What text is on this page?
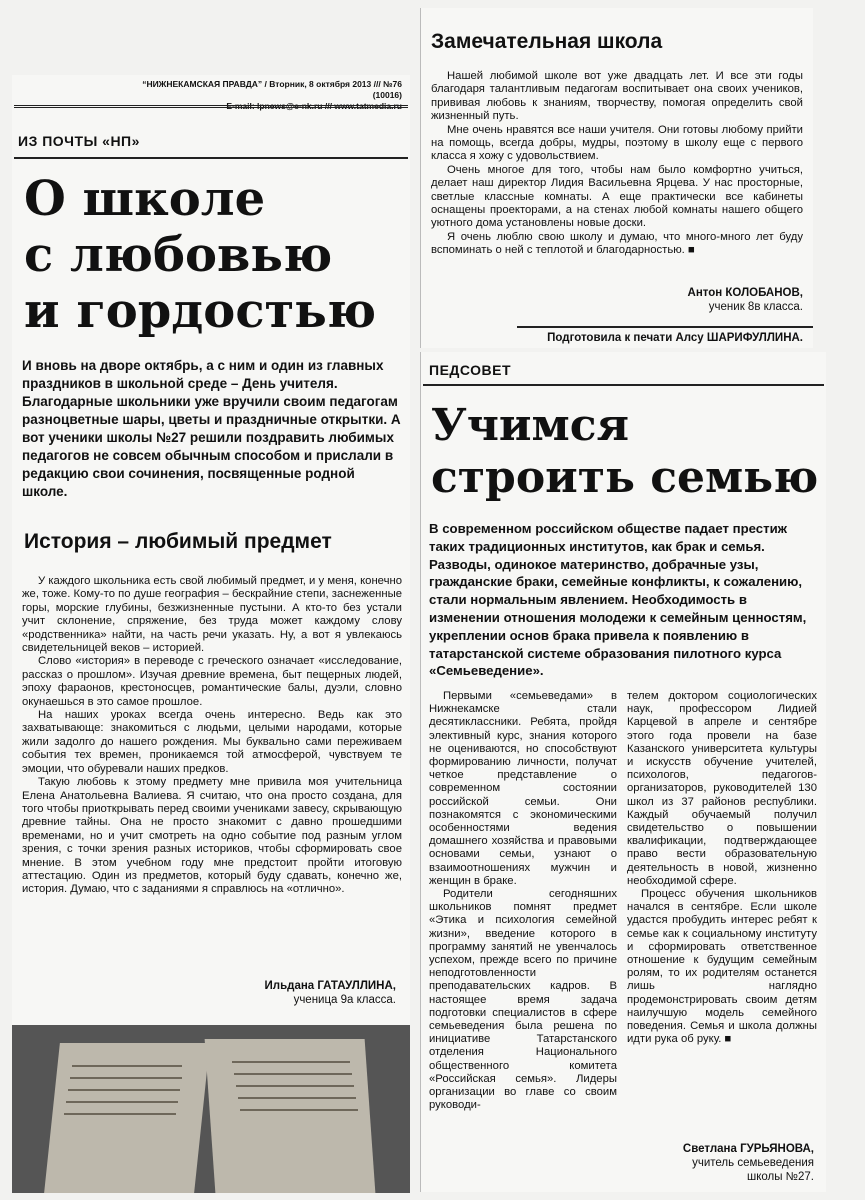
“НИЖНЕКАМСКАЯ ПРАВДА” / Вторник, 8 октября 2013 /// №76 (10016)
E-mail: lpnews@e-nk.ru /// www.tatmedia.ru
ИЗ ПОЧТЫ «НП»
О школе
с любовью
и гордостью
И вновь на дворе октябрь, а с ним и один из главных праздников в школьной среде – День учителя. Благодарные школьники уже вручили своим педагогам разноцветные шары, цветы и праздничные открытки. А вот ученики школы №27 решили поздравить любимых педагогов не совсем обычным способом и прислали в редакцию свои сочинения, посвященные родной школе.
История – любимый предмет

У каждого школьника есть свой любимый предмет, и у меня, конечно же, тоже. Кому-то по душе география – бескрайние степи, заснеженные горы, морские глубины, безжизненные пустыни. А кто-то без устали учит склонение, спряжение, без труда может каждому слову «родственника» найти, на часть речи указать. Ну, а вот я увлекаюсь свидетельницей веков – историей.

Слово «история» в переводе с греческого означает «исследование, рассказ о прошлом». Изучая древние времена, быт пещерных людей, эпоху фараонов, крестоносцев, романтические балы, дуэли, словно окунаешься в это самое прошлое.

На наших уроках всегда очень интересно. Ведь как это захватывающе: знакомиться с людьми, целыми народами, которые жили задолго до нашего рождения. Мы буквально сами переживаем события тех времен, проникаемся той атмосферой, чувствуем те эмоции, что обуревали наших предков.

Такую любовь к этому предмету мне привила моя учительница Елена Анатольевна Валиева. Я считаю, что она просто создана, для того чтобы приоткрывать перед своими учениками завесу, скрывающую древние тайны. Она не просто знакомит с давно прошедшими временами, но и учит смотреть на одно событие под разным углом зрения, с точки зрения разных историков, чтобы сформировать свое мнение. В этом учебном году мне предстоит пройти итоговую аттестацию. Один из предметов, который буду сдавать, конечно же, история. Думаю, что с заданиями я справлюсь на «отлично».

Ильдана ГАТАУЛЛИНА,
ученица 9а класса.
Замечательная школа

Нашей любимой школе вот уже двадцать лет. И все эти годы благодаря талантливым педагогам воспитывает она своих учеников, прививая любовь к знаниям, творчеству, помогая определить свой жизненный путь.

Мне очень нравятся все наши учителя. Они готовы любому прийти на помощь, всегда добры, мудры, поэтому в школу еще с первого класса я хожу с удовольствием.

Очень многое для того, чтобы нам было комфортно учиться, делает наш директор Лидия Васильевна Ярцева. У нас просторные, светлые классные комнаты. А еще практически все кабинеты оснащены проекторами, а на стенах любой комнаты нашего общего уютного дома установлены новые доски.

Я очень люблю свою школу и думаю, что много-много лет буду вспоминать о ней с теплотой и благодарностью. ■

Антон КОЛОБАНОВ,
ученик 8в класса.
Подготовила к печати Алсу ШАРИФУЛЛИНА.
ПЕДСОВЕТ
Учимся
строить семью
В современном российском обществе падает престиж таких традиционных институтов, как брак и семья. Разводы, одинокое материнство, добрачные узы, гражданские браки, семейные конфликты, к сожалению, стали нормальным явлением. Необходимость в изменении отношения молодежи к семейным ценностям, укреплении основ брака привела к появлению в татарстанской системе образования пилотного курса «Семьеведение».

Первыми «семьеведами» в Нижнекамске стали десятиклассники. Ребята, пройдя элективный курс, знания которого не оцениваются, но способствуют формированию личности, получат четкое представление о современном состоянии российской семьи. Они познакомятся с экономическими особенностями ведения домашнего хозяйства и правовыми основами семьи, узнают о взаимоотношениях мужчин и женщин в браке.

Родители сегодняшних школьников помнят предмет «Этика и психология семейной жизни», введение которого в программу занятий не увенчалось успехом, прежде всего по причине неподготовленности преподавательских кадров. В настоящее время задача подготовки специалистов в сфере семьеведения была решена по инициативе Татарстанского отделения Национального общественного комитета «Российская семья». Лидеры организации во главе со своим руководи-

телем доктором социологических наук, профессором Лидией Карцевой в апреле и сентябре этого года провели на базе Казанского университета культуры и искусств обучение учителей, психологов, педагогов-организаторов, руководителей 130 школ из 37 районов республики. Каждый обучаемый получил свидетельство о повышении квалификации, подтверждающее право вести образовательную деятельность в новой, жизненно необходимой сфере.

Процесс обучения школьников начался в сентябре. Если школе удастся пробудить интерес ребят к семье как к социальному институту и сформировать ответственное отношение к будущим семейным ролям, то их родителям останется лишь наглядно продемонстрировать своим детям наилучшую модель семейного поведения. Семья и школа должны идти рука об руку. ■

Светлана ГУРЬЯНОВА,
учитель семьеведения
школы №27.
